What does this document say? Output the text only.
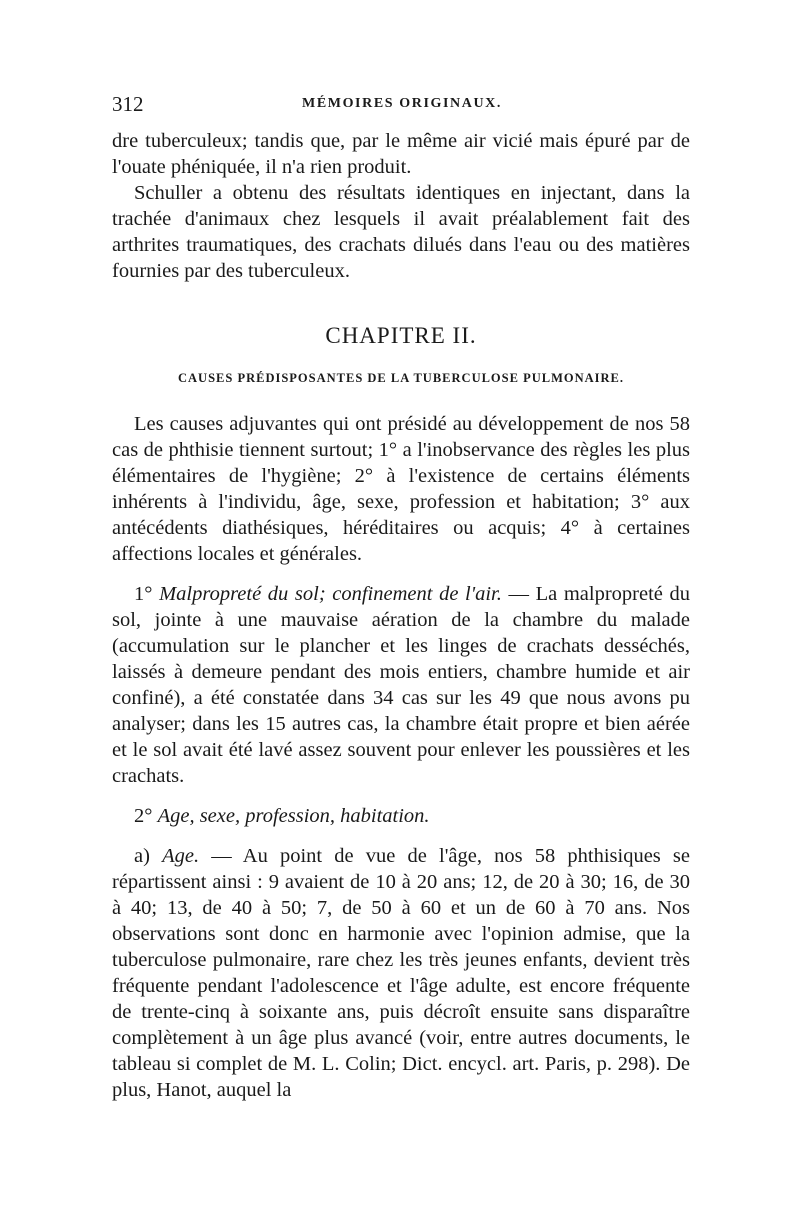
312	MÉMOIRES ORIGINAUX.

dre tuberculeux; tandis que, par le même air vicié mais épuré par de l'ouate phéniquée, il n'a rien produit.

Schuller a obtenu des résultats identiques en injectant, dans la trachée d'animaux chez lesquels il avait préalablement fait des arthrites traumatiques, des crachats dilués dans l'eau ou des matières fournies par des tuberculeux.

CHAPITRE II.
CAUSES PRÉDISPOSANTES DE LA TUBERCULOSE PULMONAIRE.

Les causes adjuvantes qui ont présidé au développement de nos 58 cas de phthisie tiennent surtout; 1° a l'inobservance des règles les plus élémentaires de l'hygiène; 2° à l'existence de certains éléments inhérents à l'individu, âge, sexe, profession et habitation; 3° aux antécédents diathésiques, héréditaires ou acquis; 4° à certaines affections locales et générales.

1° Malpropreté du sol; confinement de l'air. — La malpropreté du sol, jointe à une mauvaise aération de la chambre du malade (accumulation sur le plancher et les linges de crachats desséchés, laissés à demeure pendant des mois entiers, chambre humide et air confiné), a été constatée dans 34 cas sur les 49 que nous avons pu analyser; dans les 15 autres cas, la chambre était propre et bien aérée et le sol avait été lavé assez souvent pour enlever les poussières et les crachats.

2° Age, sexe, profession, habitation.

a) Age. — Au point de vue de l'âge, nos 58 phthisiques se répartissent ainsi : 9 avaient de 10 à 20 ans; 12, de 20 à 30; 16, de 30 à 40; 13, de 40 à 50; 7, de 50 à 60 et un de 60 à 70 ans. Nos observations sont donc en harmonie avec l'opinion admise, que la tuberculose pulmonaire, rare chez les très jeunes enfants, devient très fréquente pendant l'adolescence et l'âge adulte, est encore fréquente de trente-cinq à soixante ans, puis décroît ensuite sans disparaître complètement à un âge plus avancé (voir, entre autres documents, le tableau si complet de M. L. Colin; Dict. encycl. art. Paris, p. 298). De plus, Hanot, auquel la
